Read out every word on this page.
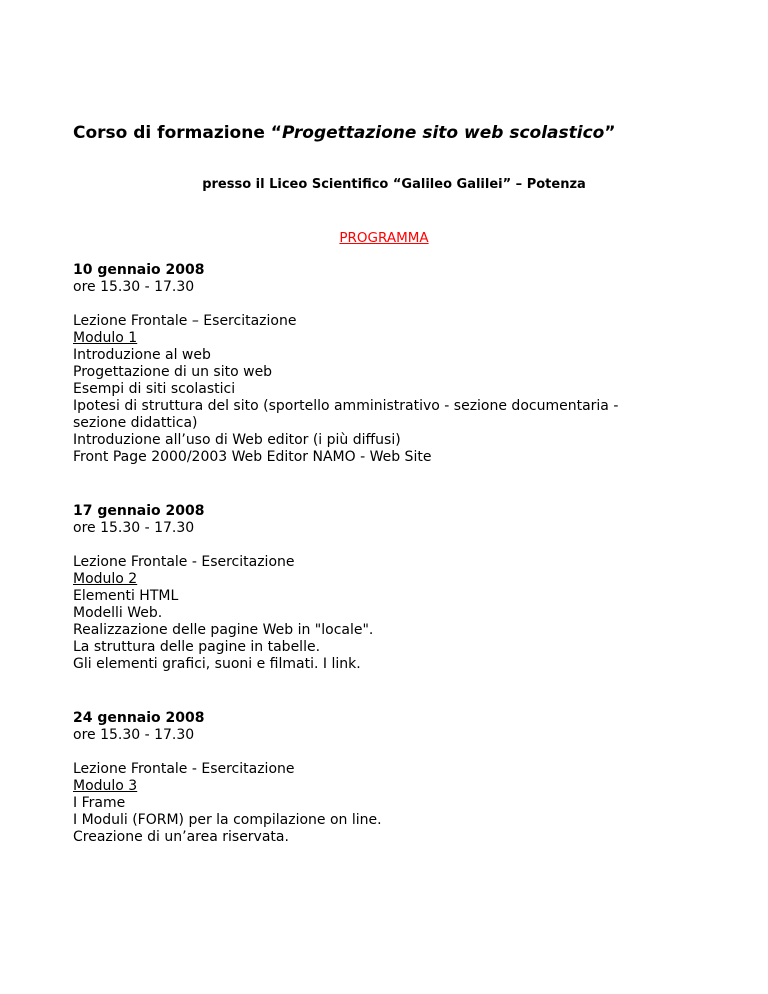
Corso di formazione “Progettazione sito web scolastico”
presso il Liceo Scientifico “Galileo Galilei” – Potenza
PROGRAMMA
10 gennaio 2008
ore 15.30 - 17.30
Lezione Frontale – Esercitazione
Modulo 1
Introduzione al web
Progettazione di un sito web
Esempi di siti scolastici
Ipotesi di struttura del sito (sportello amministrativo - sezione documentaria -
sezione didattica)
Introduzione all’uso di Web editor (i più diffusi)
Front Page 2000/2003 Web Editor NAMO - Web Site
17 gennaio 2008
ore 15.30 - 17.30
Lezione Frontale - Esercitazione
Modulo 2
Elementi HTML
Modelli Web.
Realizzazione delle pagine Web in "locale".
La struttura delle pagine in tabelle.
Gli elementi grafici, suoni e filmati. I link.
24 gennaio 2008
ore 15.30 - 17.30
Lezione Frontale - Esercitazione
Modulo 3
I Frame
I Moduli (FORM) per la compilazione on line.
Creazione di un’area riservata.
